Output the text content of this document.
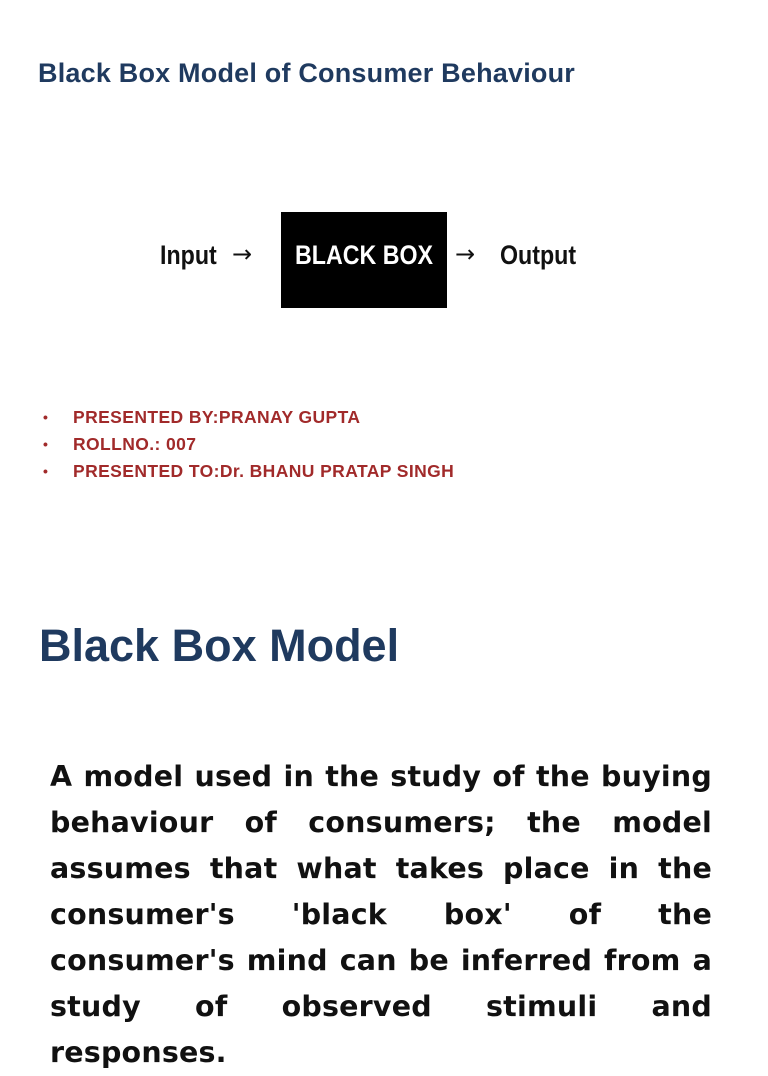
Black Box Model of Consumer Behaviour
Input → BLACK BOX → Output
• PRESENTED BY:PRANAY GUPTA
• ROLLNO.: 007
• PRESENTED TO:Dr. BHANU PRATAP SINGH
Black Box Model

A model used in the study of the buying behaviour of consumers; the model assumes that what takes place in the consumer's 'black box' of the consumer's mind can be inferred from a study of observed stimuli and responses.
